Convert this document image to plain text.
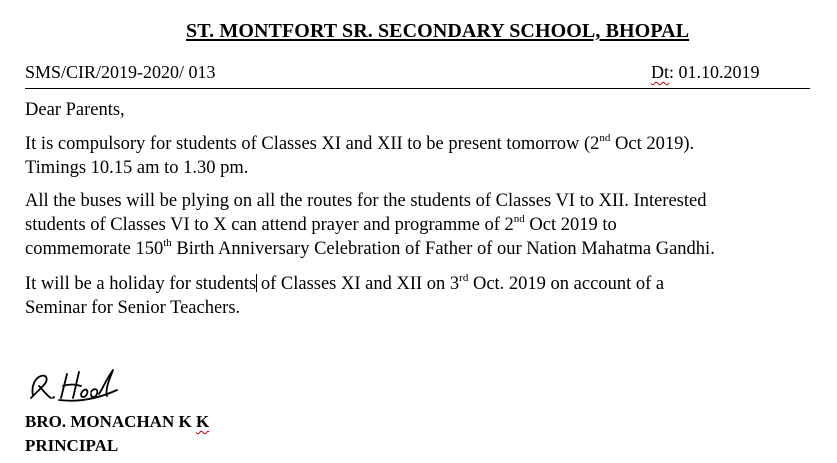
ST. MONTFORT SR. SECONDARY SCHOOL, BHOPAL
SMS/CIR/2019-2020/ 013	Dt: 01.10.2019
Dear Parents,
It is compulsory for students of Classes XI and XII to be present tomorrow (2nd Oct 2019).
Timings 10.15 am to 1.30 pm.
All the buses will be plying on all the routes for the students of Classes VI to XII. Interested
students of Classes VI to X can attend prayer and programme of 2nd Oct 2019 to
commemorate 150th Birth Anniversary Celebration of Father of our Nation Mahatma Gandhi.
It will be a holiday for students of Classes XI and XII on 3rd Oct. 2019 on account of a
Seminar for Senior Teachers.
BRO. MONACHAN K K
PRINCIPAL
